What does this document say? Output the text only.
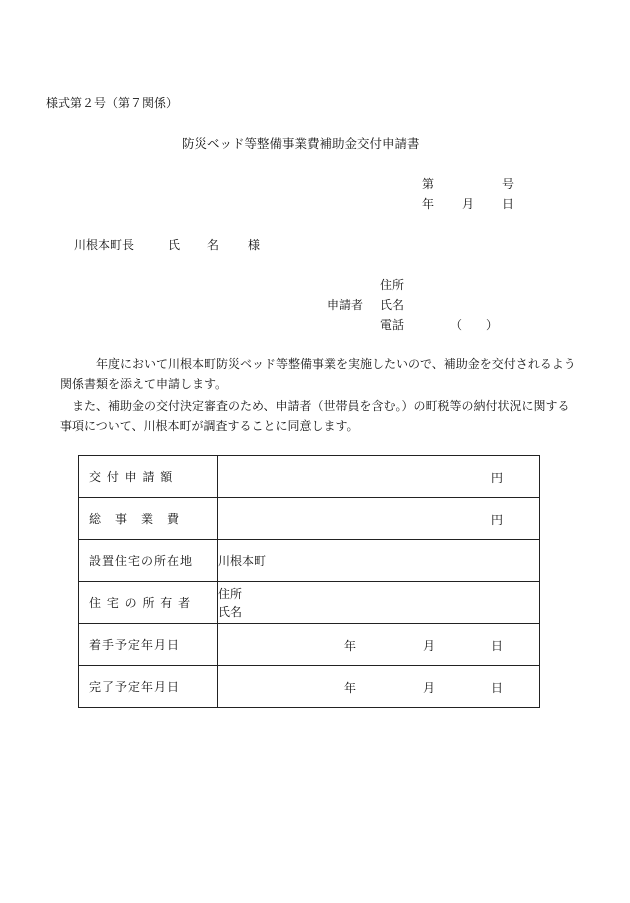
様式第２号（第７関係）
防災ベッド等整備事業費補助金交付申請書
第	号
年 月 日
川根本町長	氏 名 様
住所
申請者 氏名
電話	（　　）
　　　年度において川根本町防災ベッド等整備事業を実施したいので、補助金を交付されるよう関係書類を添えて申請します。
　また、補助金の交付決定審査のため、申請者（世帯員を含む。）の町税等の納付状況に関する事項について、川根本町が調査することに同意します。
交 付 申 請 額	円

総　事　業　費	円

設置住宅の所在地	川根本町
住 宅 の 所 有 者	住所
氏名

着手予定年月日	年 月 日

完了予定年月日	年 月 日
